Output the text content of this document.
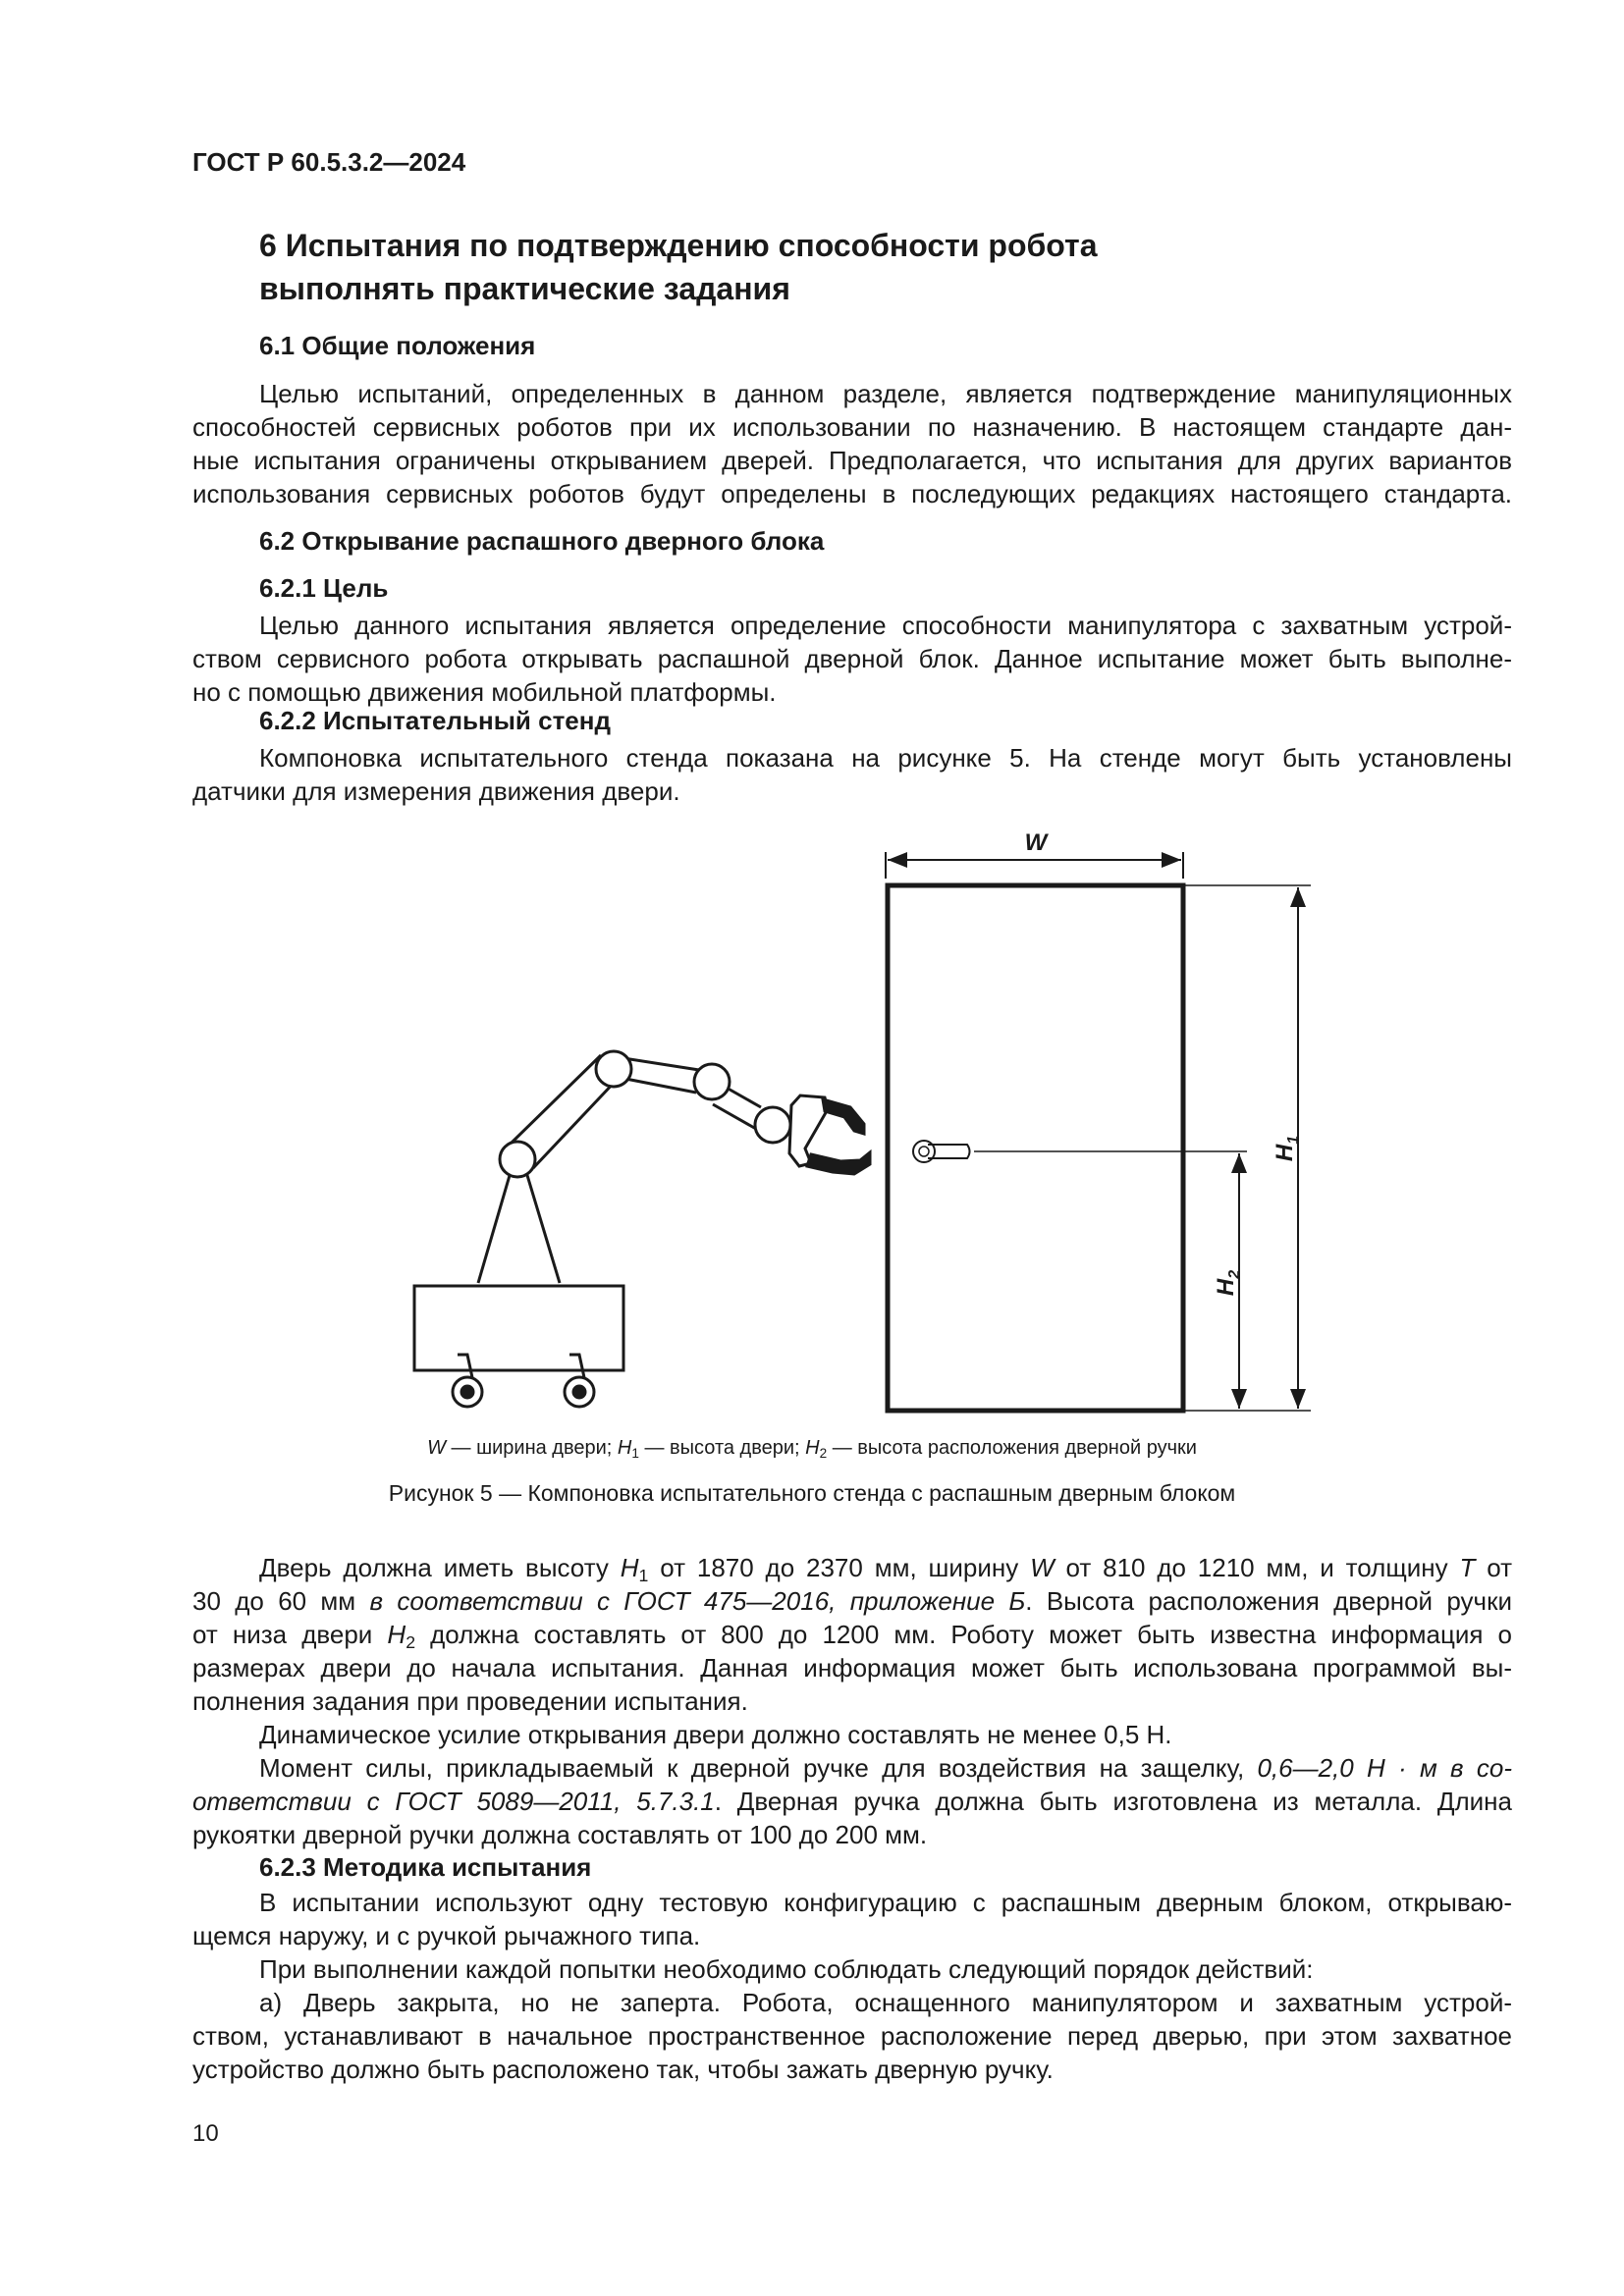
ГОСТ Р 60.5.3.2—2024
6 Испытания по подтверждению способности робота
выполнять практические задания
6.1 Общие положения

Целью испытаний, определенных в данном разделе, является подтверждение манипуляционных

способностей сервисных роботов при их использовании по назначению. В настоящем стандарте дан-

ные испытания ограничены открыванием дверей. Предполагается, что испытания для других вариантов

использования сервисных роботов будут определены в последующих редакциях настоящего стандарта.

6.2 Открывание распашного дверного блока
6.2.1 Цель

Целью данного испытания является определение способности манипулятора с захватным устрой-

ством сервисного робота открывать распашной дверной блок. Данное испытание может быть выполне-

но с помощью движения мобильной платформы.

6.2.2 Испытательный стенд

Компоновка испытательного стенда показана на рисунке 5. На стенде могут быть установлены

датчики для измерения движения двери.

W
$H_1$
$H_2$
W — ширина двери; $H_1$ — высота двери; $H_2$ — высота расположения дверной ручки
Рисунок 5 — Компоновка испытательного стенда с распашным дверным блоком

Дверь должна иметь высоту $H_1$ от 1870 до 2370 мм, ширину W от 810 до 1210 мм, и толщину T от

30 до 60 мм в соответствии с ГОСТ 475—2016, приложение Б. Высота расположения дверной ручки

от низа двери $H_2$ должна составлять от 800 до 1200 мм. Роботу может быть известна информация о

размерах двери до начала испытания. Данная информация может быть использована программой вы-

полнения задания при проведении испытания.

Динамическое усилие открывания двери должно составлять не менее 0,5 Н.

Момент силы, прикладываемый к дверной ручке для воздействия на защелку, 0,6—2,0 Н · м в со-

ответствии с ГОСТ 5089—2011, 5.7.3.1. Дверная ручка должна быть изготовлена из металла. Длина

рукоятки дверной ручки должна составлять от 100 до 200 мм.

6.2.3 Методика испытания

В испытании используют одну тестовую конфигурацию с распашным дверным блоком, открываю-

щемся наружу, и с ручкой рычажного типа.

При выполнении каждой попытки необходимо соблюдать следующий порядок действий:

а) Дверь закрыта, но не заперта. Робота, оснащенного манипулятором и захватным устрой-

ством, устанавливают в начальное пространственное расположение перед дверью, при этом захватное

устройство должно быть расположено так, чтобы зажать дверную ручку.

10
